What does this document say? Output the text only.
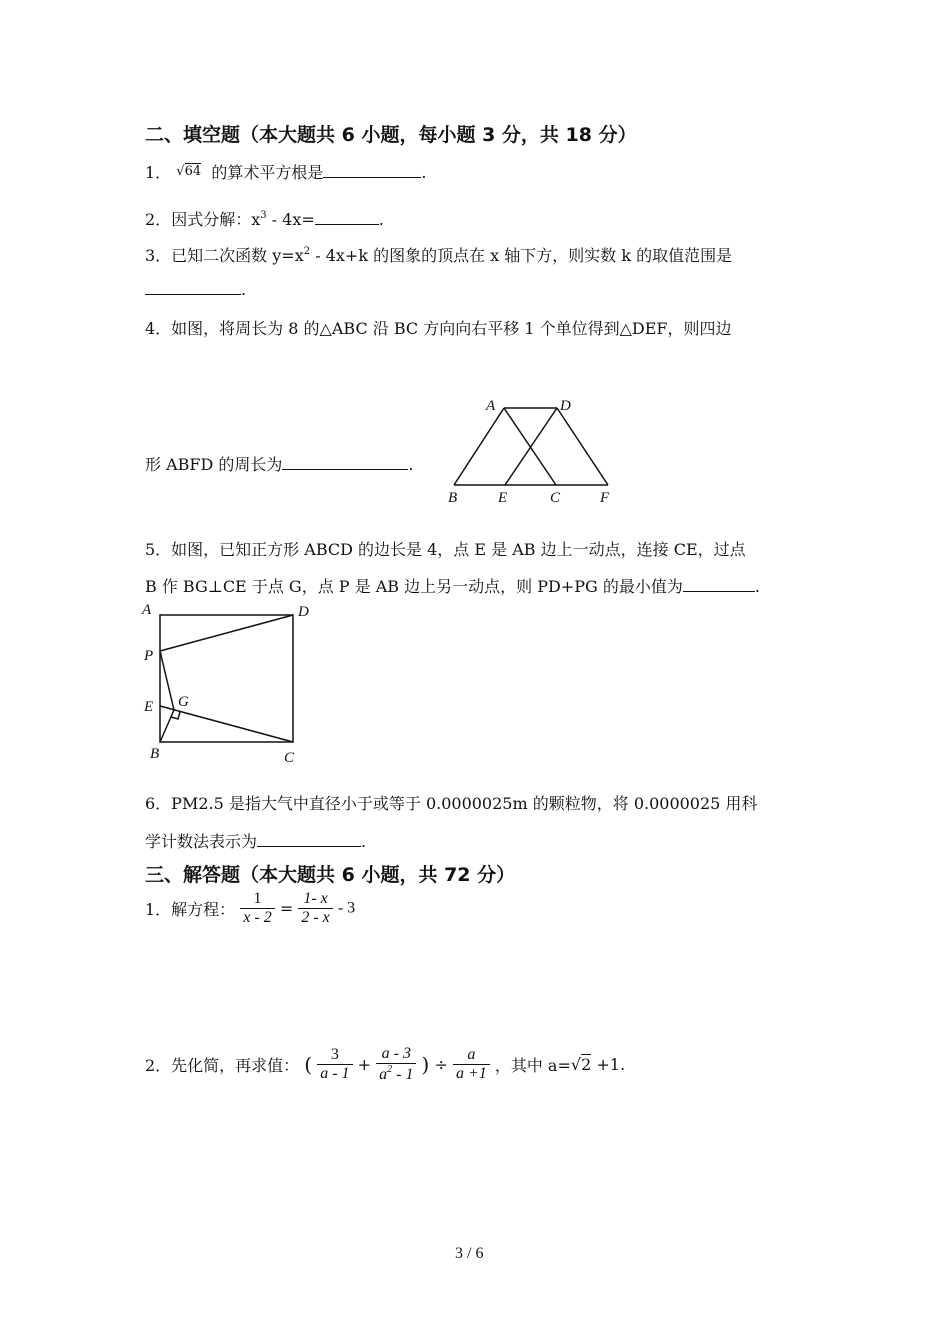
二、填空题（本大题共 6 小题，每小题 3 分，共 18 分）
1． √64 的算术平方根是	.
2．因式分解：$x^3 - 4x=$	.
3．已知二次函数 $y=x^2 - 4x+k$ 的图象的顶点在 x 轴下方，则实数 k 的取值范围是
.
4．如图，将周长为 8 的△ABC 沿 BC 方向向右平移 1 个单位得到△DEF，则四边
形 ABFD 的周长为	.
A	D
B	E	C	F
5．如图，已知正方形 ABCD 的边长是 4，点 E 是 AB 边上一动点，连接 CE，过点
B 作 BG⊥CE 于点 G，点 P 是 AB 边上另一动点，则 PD+PG 的最小值为	.
A	D
P
G
E
B	C
6．PM2.5 是指大气中直径小于或等于 0.0000025m 的颗粒物，将 0.0000025 用科
学计数法表示为	.
三、解答题（本大题共 6 小题，共 72 分）
1．解方程： $\frac{1}{x - 2} = \frac{1- x}{2 - x} - 3$
2．先化简，再求值： ( $\frac{3}{a - 1} + \frac{a - 3}{a^2 - 1}$ ) ÷ $\frac{a}{a +1}$ ，其中 a=√2 +1.
3 / 6
